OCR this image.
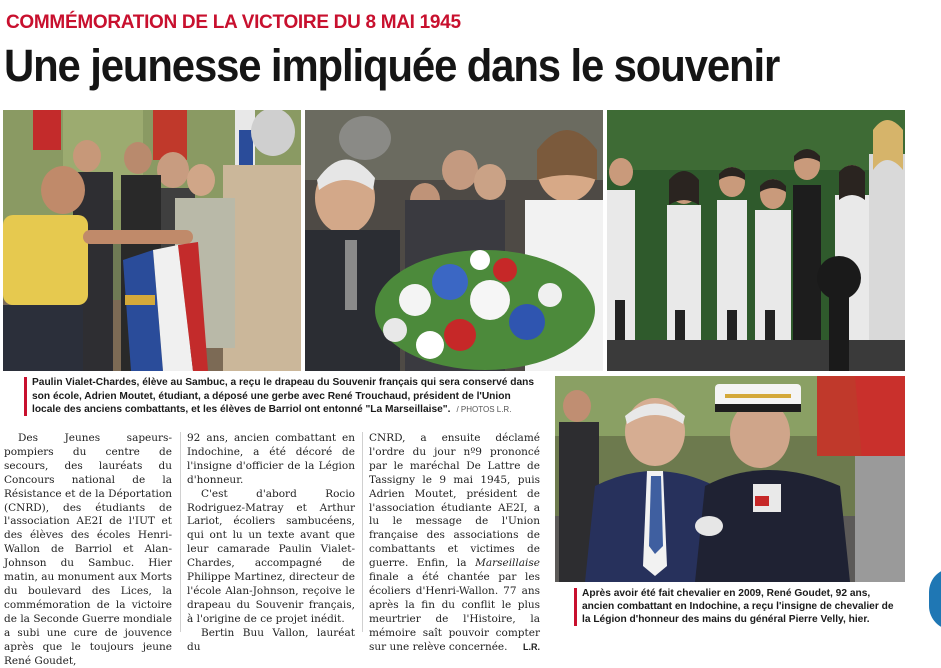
COMMÉMORATION DE LA VICTOIRE DU 8 MAI 1945
Une jeunesse impliquée dans le souvenir
Paulin Vialet-Chardes, élève au Sambuc, a reçu le drapeau du Souvenir français qui sera conservé dans
son école, Adrien Moutet, étudiant, a déposé une gerbe avec René Trouchaud, président de l'Union
locale des anciens combattants, et les élèves de Barriol ont entonné "La Marseillaise". / PHOTOS L.R.
Après avoir été fait chevalier en 2009, René Goudet, 92 ans,
ancien combattant en Indochine, a reçu l'insigne de chevalier de
la Légion d'honneur des mains du général Pierre Velly, hier.

Des Jeunes sapeurs-pompiers du centre de secours, des lauréats du Concours national de la Résistance et de la Déportation (CNRD), des étudiants de l'association AE2I de l'IUT et des élèves des écoles Henri-Wallon de Barriol et Alan-Johnson du Sambuc. Hier matin, au monument aux Morts du boulevard des Lices, la commémoration de la victoire de la Seconde Guerre mondiale a subi une cure de jouvence après que le toujours jeune René Goudet,

92 ans, ancien combattant en Indochine, a été décoré de l'insigne d'officier de la Légion d'honneur.

C'est d'abord Rocio Rodriguez-Matray et Arthur Lariot, écoliers sambucéens, qui ont lu un texte avant que leur camarade Paulin Vialet-Chardes, accompagné de Philippe Martinez, directeur de l'école Alan-Johnson, reçoive le drapeau du Souvenir français, à l'origine de ce projet inédit.

Bertin Buu Vallon, lauréat du

CNRD, a ensuite déclamé l'ordre du jour nº9 prononcé par le maréchal De Lattre de Tassigny le 9 mai 1945, puis Adrien Moutet, président de l'association étudiante AE2I, a lu le message de l'Union française des associations de combattants et victimes de guerre. Enfin, la Marseillaise finale a été chantée par les écoliers d'Henri-Wallon. 77 ans après la fin du conflit le plus meurtrier de l'Histoire, la mémoire saît pouvoir compter sur une relève concernée. L.R.
